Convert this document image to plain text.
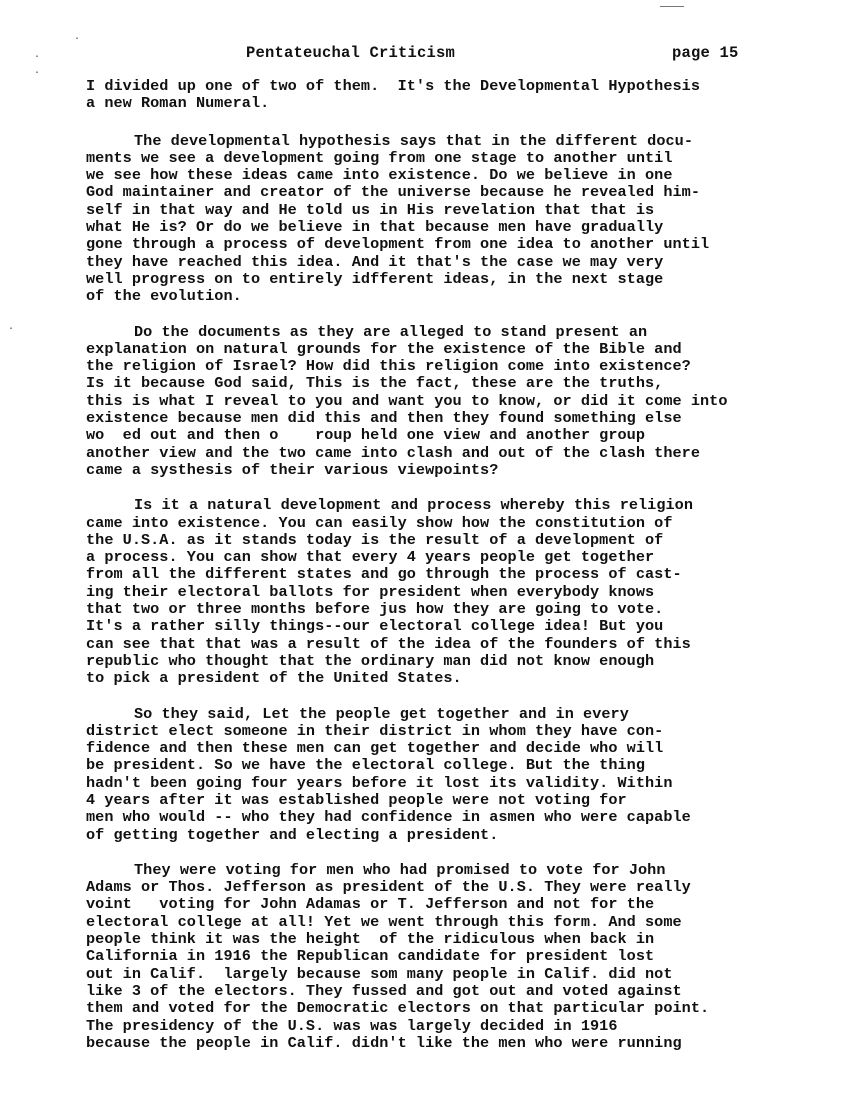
·
·
·
·
Pentateuchal Criticism	page 15

I divided up one of two of them.  It's the Developmental Hypothesis
a new Roman Numeral.

The developmental hypothesis says that in the different docu-
ments we see a development going from one stage to another until
we see how these ideas came into existence. Do we believe in one
God maintainer and creator of the universe because he revealed him-
self in that way and He told us in His revelation that that is
what He is? Or do we believe in that because men have gradually
gone through a process of development from one idea to another until
they have reached this idea. And it that's the case we may very
well progress on to entirely idfferent ideas, in the next stage
of the evolution.

Do the documents as they are alleged to stand present an
explanation on natural grounds for the existence of the Bible and
the religion of Israel? How did this religion come into existence?
Is it because God said, This is the fact, these are the truths,
this is what I reveal to you and want you to know, or did it come into
existence because men did this and then they found something else
wo  ed out and then o    roup held one view and another group
another view and the two came into clash and out of the clash there
came a systhesis of their various viewpoints?

Is it a natural development and process whereby this religion
came into existence. You can easily show how the constitution of
the U.S.A. as it stands today is the result of a development of
a process. You can show that every 4 years people get together
from all the different states and go through the process of cast-
ing their electoral ballots for president when everybody knows
that two or three months before jus how they are going to vote.
It's a rather silly things--our electoral college idea! But you
can see that that was a result of the idea of the founders of this
republic who thought that the ordinary man did not know enough
to pick a president of the United States.

So they said, Let the people get together and in every
district elect someone in their district in whom they have con-
fidence and then these men can get together and decide who will
be president. So we have the electoral college. But the thing
hadn't been going four years before it lost its validity. Within
4 years after it was established people were not voting for
men who would -- who they had confidence in asmen who were capable
of getting together and electing a president.

They were voting for men who had promised to vote for John
Adams or Thos. Jefferson as president of the U.S. They were really
voint   voting for John Adamas or T. Jefferson and not for the
electoral college at all! Yet we went through this form. And some
people think it was the height  of the ridiculous when back in
California in 1916 the Republican candidate for president lost
out in Calif.  largely because som many people in Calif. did not
like 3 of the electors. They fussed and got out and voted against
them and voted for the Democratic electors on that particular point.
The presidency of the U.S. was was largely decided in 1916
because the people in Calif. didn't like the men who were running
